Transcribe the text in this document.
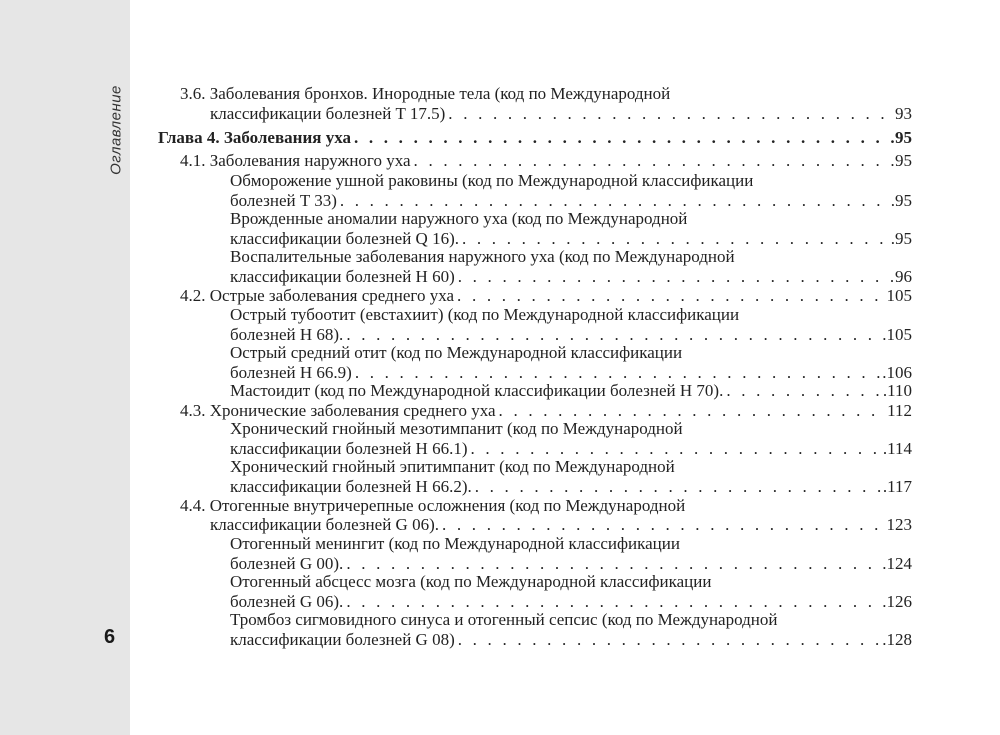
Оглавление
6
3.6. Заболевания бронхов. Инородные тела (код по Международной
классификации болезней T 17.5) . . .	93
Глава 4. Заболевания уха . . .	95
4.1. Заболевания наружного уха . . .	95
Обморожение ушной раковины (код по Международной классификации
болезней T 33) . . .	.95
Врожденные аномалии наружного уха (код по Международной
классификации болезней Q 16). . . .	.95
Воспалительные заболевания наружного уха (код по Международной
классификации болезней H 60) . . .	96
4.2. Острые заболевания среднего уха . . .	105
Острый тубоотит (евстахиит) (код по Международной классификации
болезней H 68). . . .	.105
Острый средний отит (код по Международной классификации
болезней H 66.9) . . .	.106
Мастоидит (код по Международной классификации болезней H 70). . . .	.110
4.3. Хронические заболевания среднего уха . . .	112
Хронический гнойный мезотимпанит (код по Международной
классификации болезней H 66.1) . . .	.114
Хронический гнойный эпитимпанит (код по Международной
классификации болезней H 66.2). . . .	.117
4.4. Отогенные внутричерепные осложнения (код по Международной
классификации болезней G 06). . . .	123
Отогенный менингит (код по Международной классификации
болезней G 00). . . .	.124
Отогенный абсцесс мозга (код по Международной классификации
болезней G 06). . . .	.126
Тромбоз сигмовидного синуса и отогенный сепсис (код по Международной
классификации болезней G 08) . . .	.128
